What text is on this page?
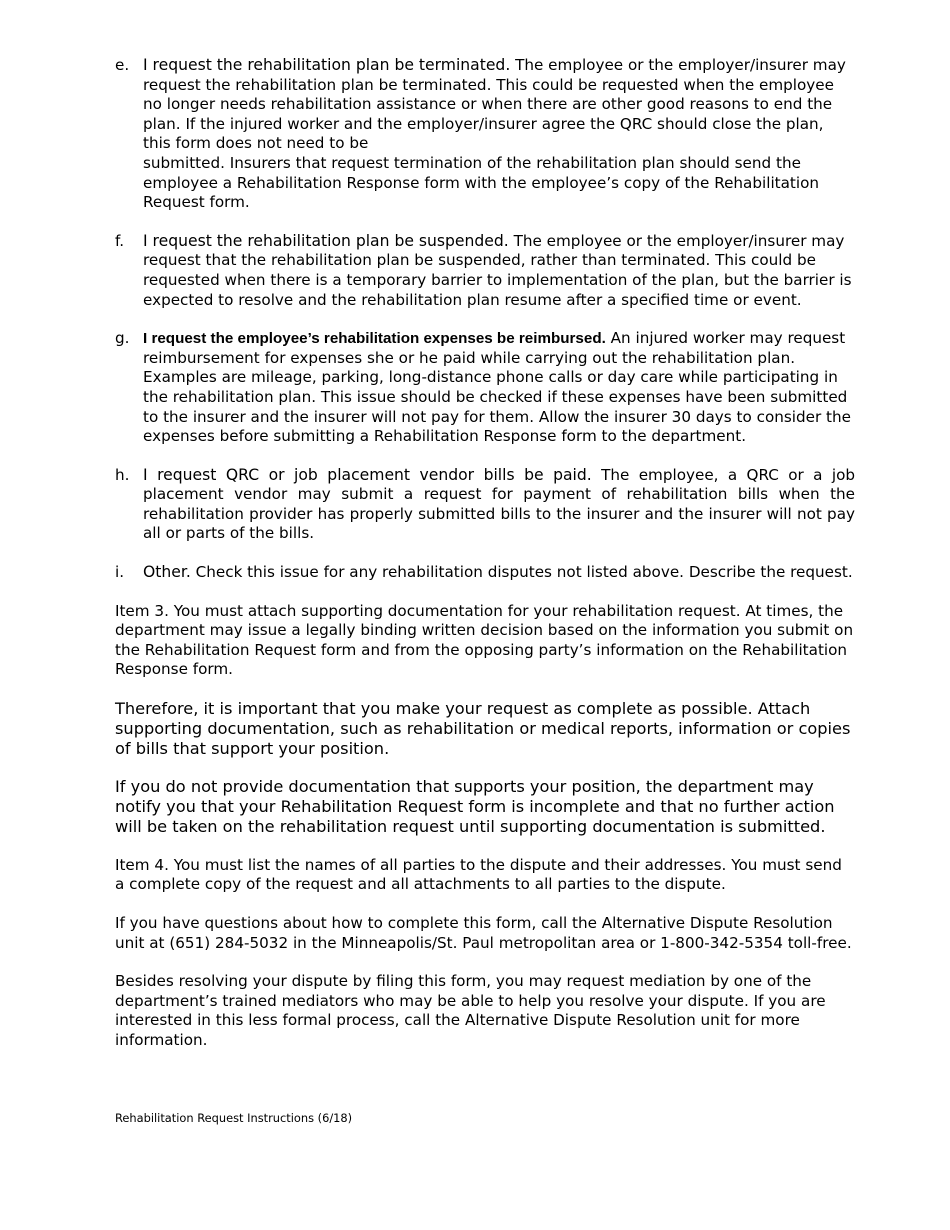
e. I request the rehabilitation plan be terminated. The employee or the employer/insurer may request the rehabilitation plan be terminated. This could be requested when the employee no longer needs rehabilitation assistance or when there are other good reasons to end the plan. If the injured worker and the employer/insurer agree the QRC should close the plan, this form does not need to be
submitted. Insurers that request termination of the rehabilitation plan should send the employee a Rehabilitation Response form with the employee’s copy of the Rehabilitation Request form.
f.	I request the rehabilitation plan be suspended. The employee or the employer/insurer may request that the rehabilitation plan be suspended, rather than terminated. This could be requested when there is a temporary barrier to implementation of the plan, but the barrier is expected to resolve and the rehabilitation plan resume after a specified time or event.
g. I request the employee’s rehabilitation expenses be reimbursed. An injured worker may request reimbursement for expenses she or he paid while carrying out the rehabilitation plan. Examples are mileage, parking, long-distance phone calls or day care while participating in the rehabilitation plan. This issue should be checked if these expenses have been submitted to the insurer and the insurer will not pay for them. Allow the insurer 30 days to consider the expenses before submitting a Rehabilitation Response form to the department.
h. I request QRC or job placement vendor bills be paid. The employee, a QRC or a job placement vendor may submit a request for payment of rehabilitation bills when the rehabilitation provider has properly submitted bills to the insurer and the insurer will not pay all or parts of the bills.
i.	Other. Check this issue for any rehabilitation disputes not listed above. Describe the request.

Item 3. You must attach supporting documentation for your rehabilitation request. At times, the department may issue a legally binding written decision based on the information you submit on the Rehabilitation Request form and from the opposing party’s information on the Rehabilitation Response form.

Therefore, it is important that you make your request as complete as possible. Attach supporting documentation, such as rehabilitation or medical reports, information or copies of bills that support your position.

If you do not provide documentation that supports your position, the department may notify you that your Rehabilitation Request form is incomplete and that no further action will be taken on the rehabilitation request until supporting documentation is submitted.

Item 4. You must list the names of all parties to the dispute and their addresses. You must send a complete copy of the request and all attachments to all parties to the dispute.

If you have questions about how to complete this form, call the Alternative Dispute Resolution unit at (651) 284-5032 in the Minneapolis/St. Paul metropolitan area or 1-800-342-5354 toll-free.

Besides resolving your dispute by filing this form, you may request mediation by one of the department’s trained mediators who may be able to help you resolve your dispute. If you are interested in this less formal process, call the Alternative Dispute Resolution unit for more information.

Rehabilitation Request Instructions (6/18)
